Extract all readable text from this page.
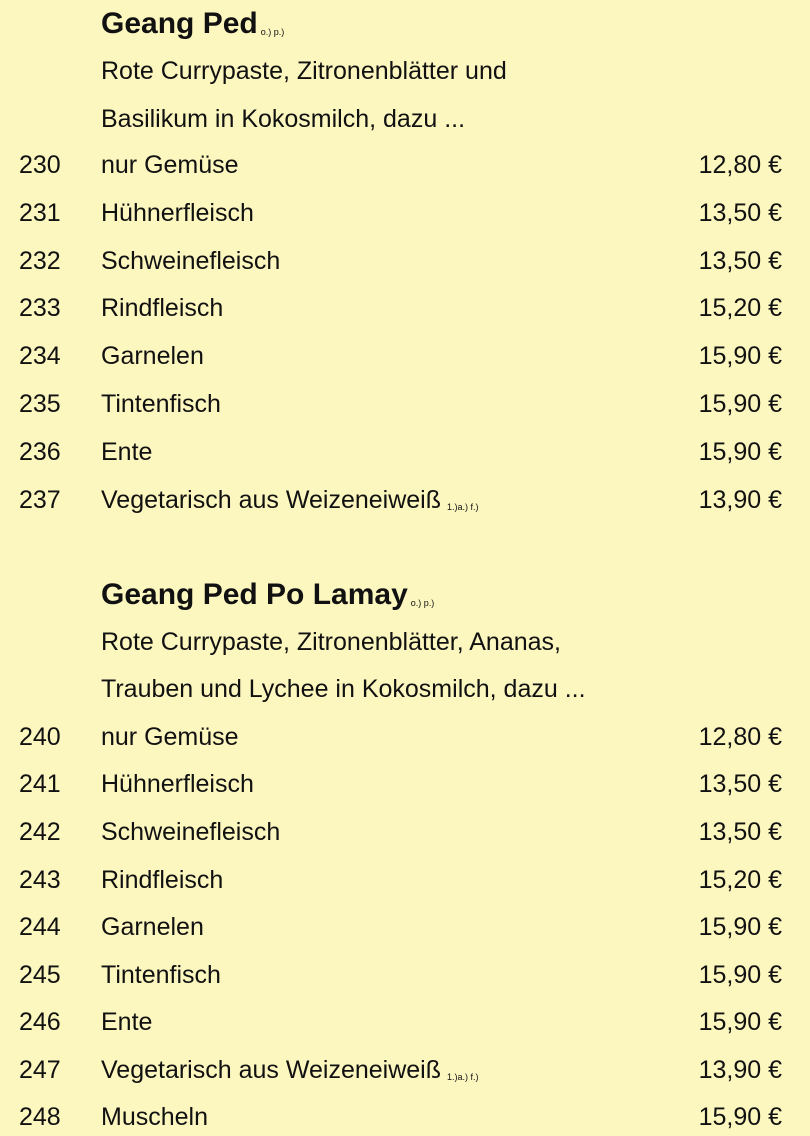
Geang Ped $_{o.) p.)}$
Rote Currypaste, Zitronenblätter und
Basilikum in Kokosmilch, dazu ...
230 nur Gemüse	12,80 €
231 Hühnerfleisch	13,50 €
232 Schweinefleisch	13,50 €
233 Rindfleisch	15,20 €
234 Garnelen	15,90 €
235 Tintenfisch	15,90 €
236 Ente	15,90 €
237 Vegetarisch aus Weizeneiweiß $_{1.)a.) f.)}$	13,90 €
Geang Ped Po Lamay $_{o.) p.)}$
Rote Currypaste, Zitronenblätter, Ananas,
Trauben und Lychee in Kokosmilch, dazu ...
240 nur Gemüse	12,80 €
241 Hühnerfleisch	13,50 €
242 Schweinefleisch	13,50 €
243 Rindfleisch	15,20 €
244 Garnelen	15,90 €
245 Tintenfisch	15,90 €
246 Ente	15,90 €
247 Vegetarisch aus Weizeneiweiß $_{1.)a.) f.)}$	13,90 €
248 Muscheln	15,90 €
